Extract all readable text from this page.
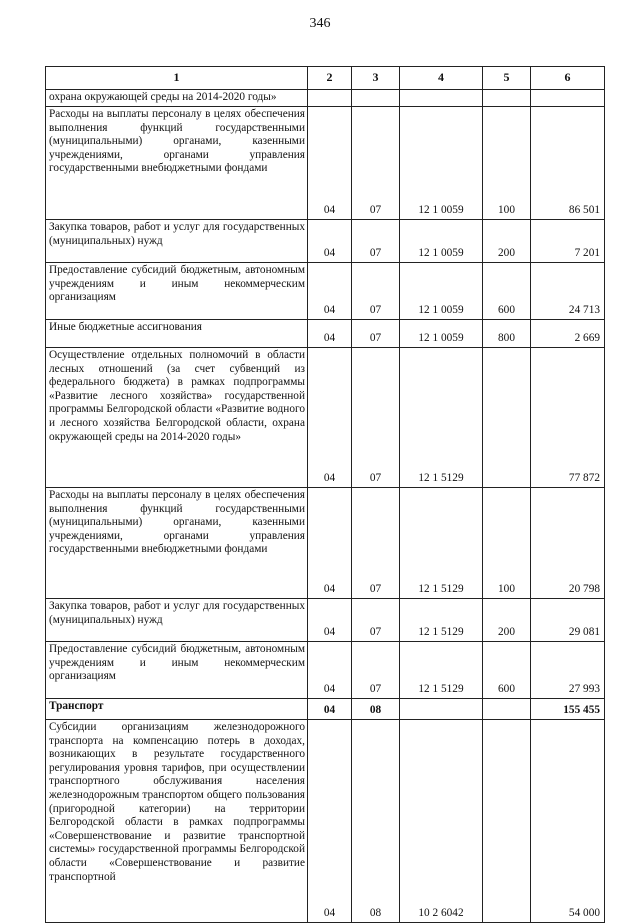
346
1	2	3	4	5	6
охрана окружающей среды на 2014-2020 годы»					
Расходы на выплаты персоналу в целях обеспечения выполнения функций государственными (муниципальными) органами, казенными учреждениями, органами управления государственными внебюджетными фондами	04	07	12 1 0059	100	86 501
Закупка товаров, работ и услуг для государственных (муниципальных) нужд	04	07	12 1 0059	200	7 201
Предоставление субсидий бюджетным, автономным учреждениям и иным некоммерческим организациям	04	07	12 1 0059	600	24 713
Иные бюджетные ассигнования	04	07	12 1 0059	800	2 669
Осуществление отдельных полномочий в области лесных отношений (за счет субвенций из федерального бюджета) в рамках подпрограммы «Развитие лесного хозяйства» государственной программы Белгородской области «Развитие водного и лесного хозяйства Белгородской области, охрана окружающей среды на 2014-2020 годы»	04	07	12 1 5129		77 872
Расходы на выплаты персоналу в целях обеспечения выполнения функций государственными (муниципальными) органами, казенными учреждениями, органами управления государственными внебюджетными фондами	04	07	12 1 5129	100	20 798
Закупка товаров, работ и услуг для государственных (муниципальных) нужд	04	07	12 1 5129	200	29 081
Предоставление субсидий бюджетным, автономным учреждениям и иным некоммерческим организациям	04	07	12 1 5129	600	27 993
Транспорт	04	08			155 455
Субсидии организациям железнодорожного транспорта на компенсацию потерь в доходах, возникающих в результате государственного регулирования уровня тарифов, при осуществлении транспортного обслуживания населения железнодорожным транспортом общего пользования (пригородной категории) на территории Белгородской области в рамках подпрограммы «Совершенствование и развитие транспортной системы» государственной программы Белгородской области «Совершенствование и развитие транспортной	04	08	10 2 6042		54 000
